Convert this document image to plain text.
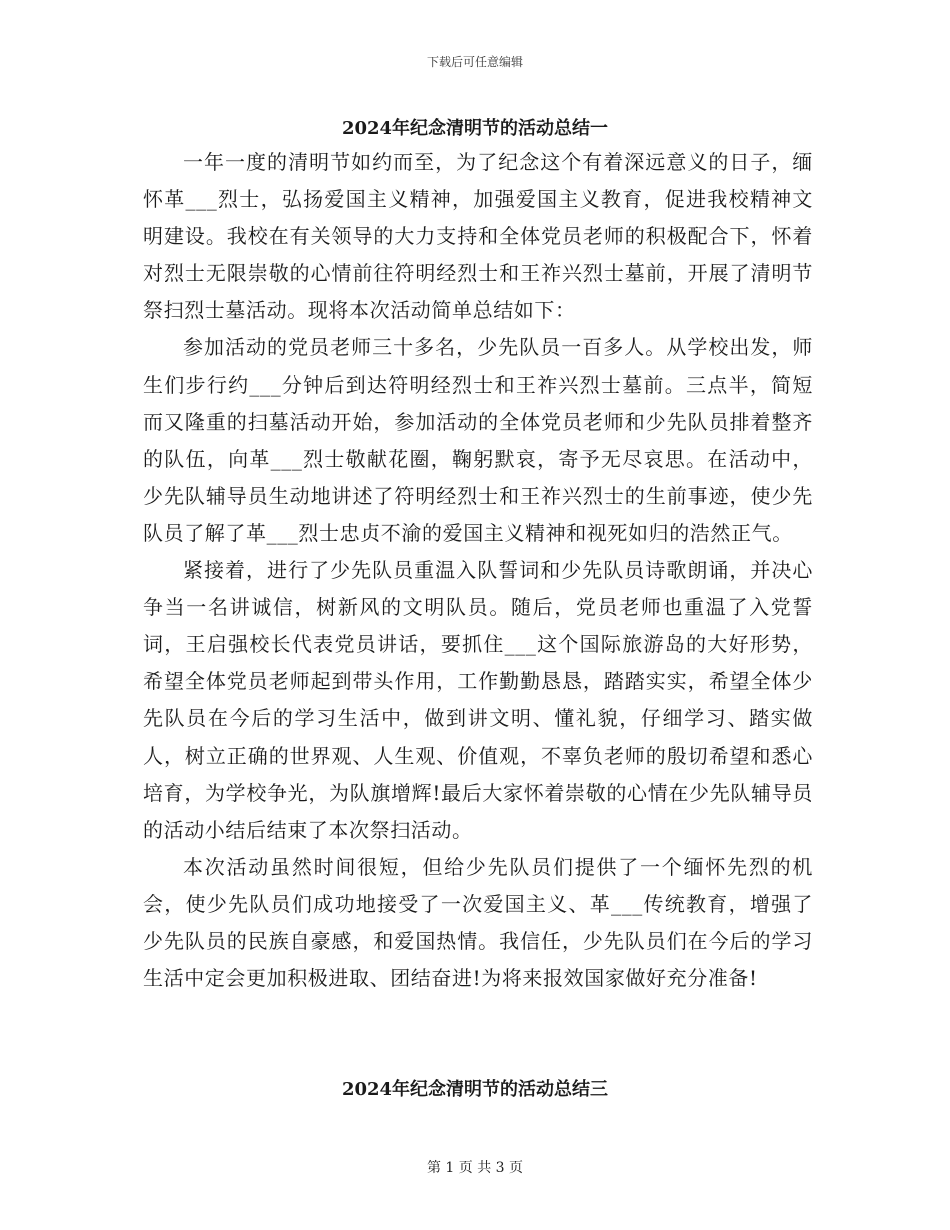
下载后可任意编辑
2024年纪念清明节的活动总结一

一年一度的清明节如约而至，为了纪念这个有着深远意义的日子，缅怀革___烈士，弘扬爱国主义精神，加强爱国主义教育，促进我校精神文明建设。我校在有关领导的大力支持和全体党员老师的积极配合下，怀着对烈士无限崇敬的心情前往符明经烈士和王祚兴烈士墓前，开展了清明节祭扫烈士墓活动。现将本次活动简单总结如下：

参加活动的党员老师三十多名，少先队员一百多人。从学校出发，师生们步行约___分钟后到达符明经烈士和王祚兴烈士墓前。三点半，简短而又隆重的扫墓活动开始，参加活动的全体党员老师和少先队员排着整齐的队伍，向革___烈士敬献花圈，鞠躬默哀，寄予无尽哀思。在活动中，少先队辅导员生动地讲述了符明经烈士和王祚兴烈士的生前事迹，使少先队员了解了革___烈士忠贞不渝的爱国主义精神和视死如归的浩然正气。

紧接着，进行了少先队员重温入队誓词和少先队员诗歌朗诵，并决心争当一名讲诚信，树新风的文明队员。随后，党员老师也重温了入党誓词，王启强校长代表党员讲话，要抓住___这个国际旅游岛的大好形势，希望全体党员老师起到带头作用，工作勤勤恳恳，踏踏实实，希望全体少先队员在今后的学习生活中，做到讲文明、懂礼貌，仔细学习、踏实做人，树立正确的世界观、人生观、价值观，不辜负老师的殷切希望和悉心培育，为学校争光，为队旗增辉!最后大家怀着崇敬的心情在少先队辅导员的活动小结后结束了本次祭扫活动。

本次活动虽然时间很短，但给少先队员们提供了一个缅怀先烈的机会，使少先队员们成功地接受了一次爱国主义、革___传统教育，增强了少先队员的民族自豪感，和爱国热情。我信任，少先队员们在今后的学习生活中定会更加积极进取、团结奋进!为将来报效国家做好充分准备!

2024年纪念清明节的活动总结三
第 1 页 共 3 页
